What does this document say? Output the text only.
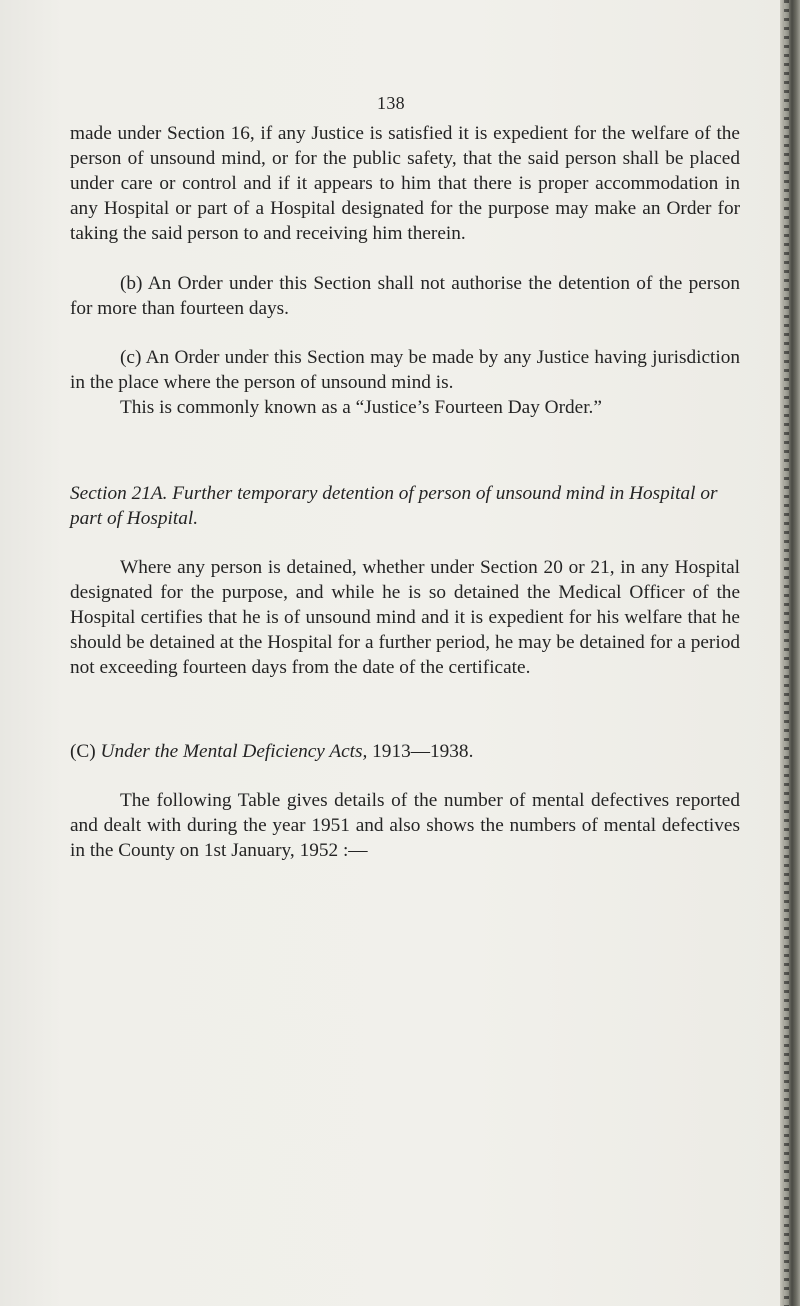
138

made under Section 16, if any Justice is satisfied it is expedient for the welfare of the person of unsound mind, or for the public safety, that the said person shall be placed under care or control and if it appears to him that there is proper accommodation in any Hospital or part of a Hospital designated for the purpose may make an Order for taking the said person to and receiving him therein.

(b) An Order under this Section shall not authorise the detention of the person for more than fourteen days.

(c) An Order under this Section may be made by any Justice having jurisdiction in the place where the person of unsound mind is.
This is commonly known as a “Justice’s Fourteen Day Order.”

Section 21A. Further temporary detention of person of unsound mind in Hospital or part of Hospital.

Where any person is detained, whether under Section 20 or 21, in any Hospital designated for the purpose, and while he is so detained the Medical Officer of the Hospital certifies that he is of unsound mind and it is expedient for his welfare that he should be detained at the Hospital for a further period, he may be detained for a period not exceeding fourteen days from the date of the certificate.

(C) Under the Mental Deficiency Acts, 1913—1938.

The following Table gives details of the number of mental defectives reported and dealt with during the year 1951 and also shows the numbers of mental defectives in the County on 1st January, 1952 :—
